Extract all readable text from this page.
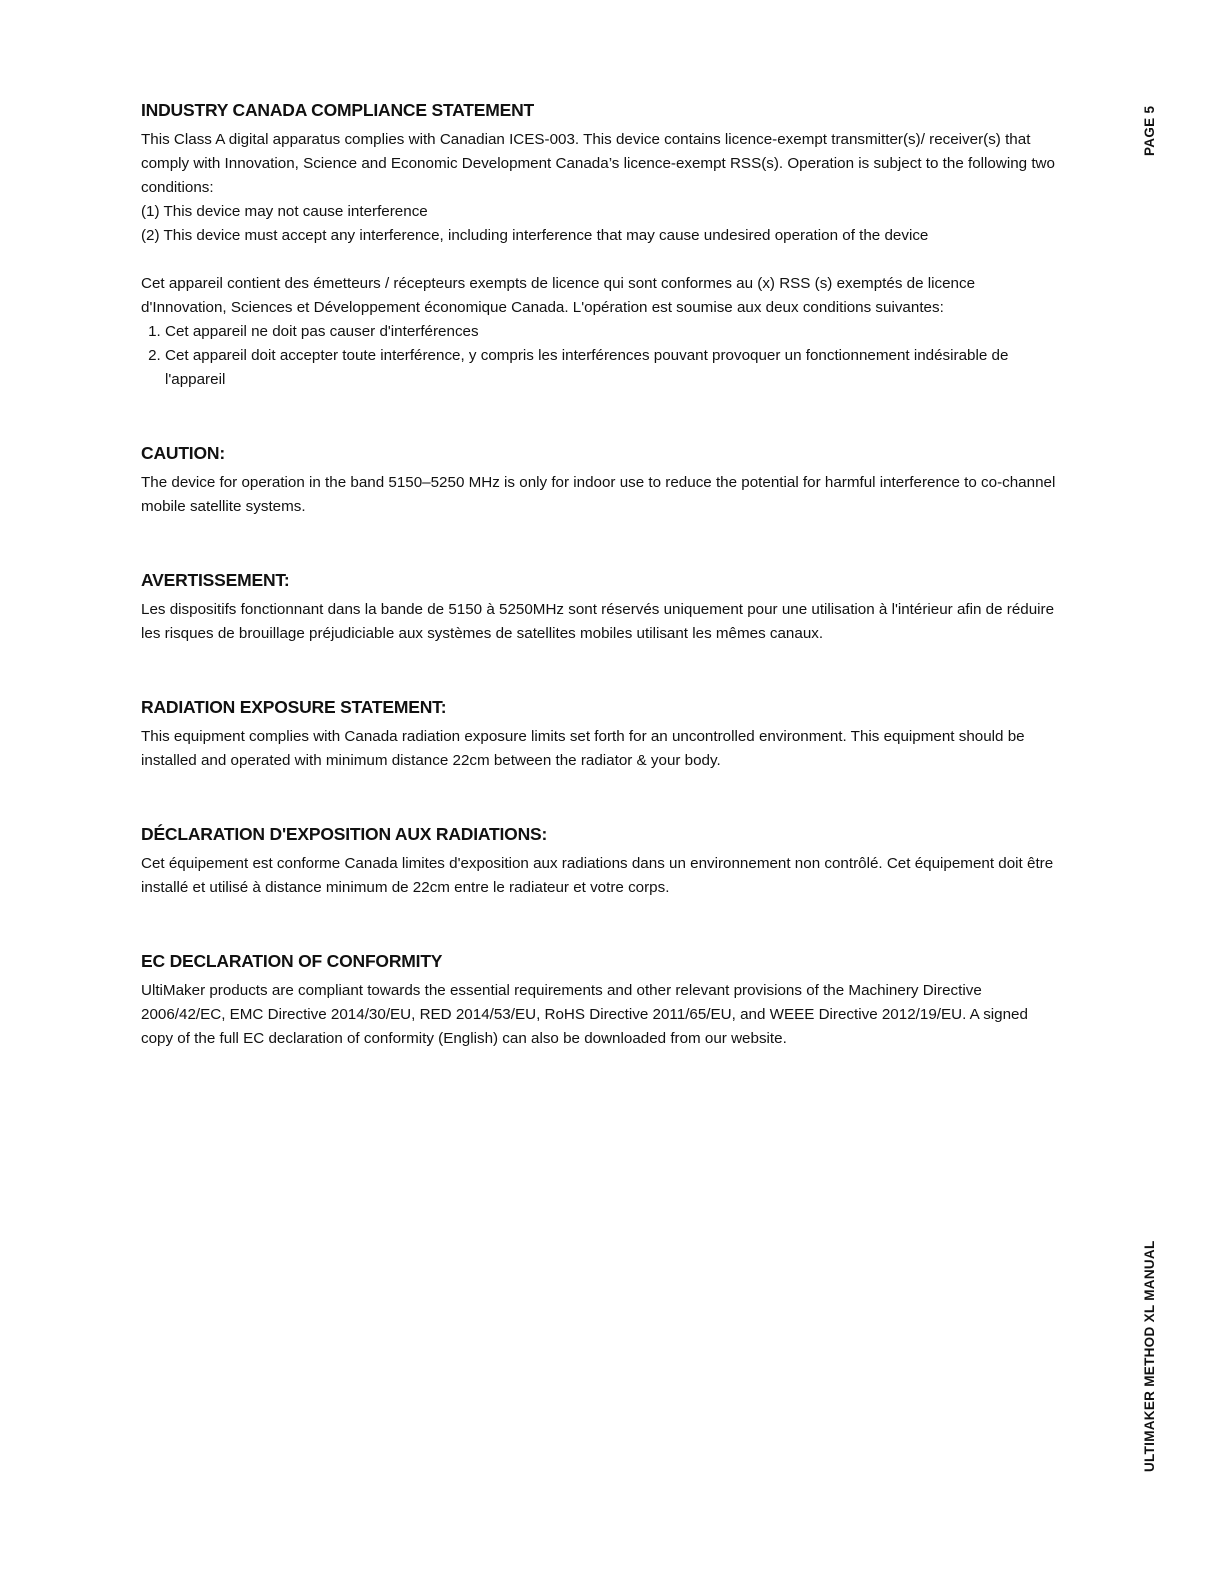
INDUSTRY CANADA COMPLIANCE STATEMENT

This Class A digital apparatus complies with Canadian ICES-003. This device contains licence-exempt transmitter(s)/ receiver(s) that comply with Innovation, Science and Economic Development Canada’s licence-exempt RSS(s). Operation is subject to the following two conditions:

(1) This device may not cause interference
(2) This device must accept any interference, including interference that may cause undesired operation of the device

Cet appareil contient des émetteurs / récepteurs exempts de licence qui sont conformes au (x) RSS (s) exemptés de licence d'Innovation, Sciences et Développement économique Canada. L'opération est soumise aux deux conditions suivantes:

1. Cet appareil ne doit pas causer d'interférences
2. Cet appareil doit accepter toute interférence, y compris les interférences pouvant provoquer un fonctionnement indésirable de l'appareil
CAUTION:

The device for operation in the band 5150–5250 MHz is only for indoor use to reduce the potential for harmful interference to co-channel mobile satellite systems.

AVERTISSEMENT:

Les dispositifs fonctionnant dans la bande de 5150 à 5250MHz sont réservés uniquement pour une utilisation à l'intérieur afin de réduire les risques de brouillage préjudiciable aux systèmes de satellites mobiles utilisant les mêmes canaux.

RADIATION EXPOSURE STATEMENT:

This equipment complies with Canada radiation exposure limits set forth for an uncontrolled environment. This equipment should be installed and operated with minimum distance 22cm between the radiator & your body.

DÉCLARATION D'EXPOSITION AUX RADIATIONS:

Cet équipement est conforme Canada limites d'exposition aux radiations dans un environnement non contrôlé. Cet équipement doit être installé et utilisé à distance minimum de 22cm entre le radiateur et votre corps.

EC DECLARATION OF CONFORMITY

UltiMaker products are compliant towards the essential requirements and other relevant provisions of the Machinery Directive 2006/42/EC, EMC Directive 2014/30/EU, RED 2014/53/EU, RoHS Directive 2011/65/EU, and WEEE Directive 2012/19/EU. A signed copy of the full EC declaration of conformity (English) can also be downloaded from our website.

PAGE 5
ULTIMAKER METHOD XL MANUAL
